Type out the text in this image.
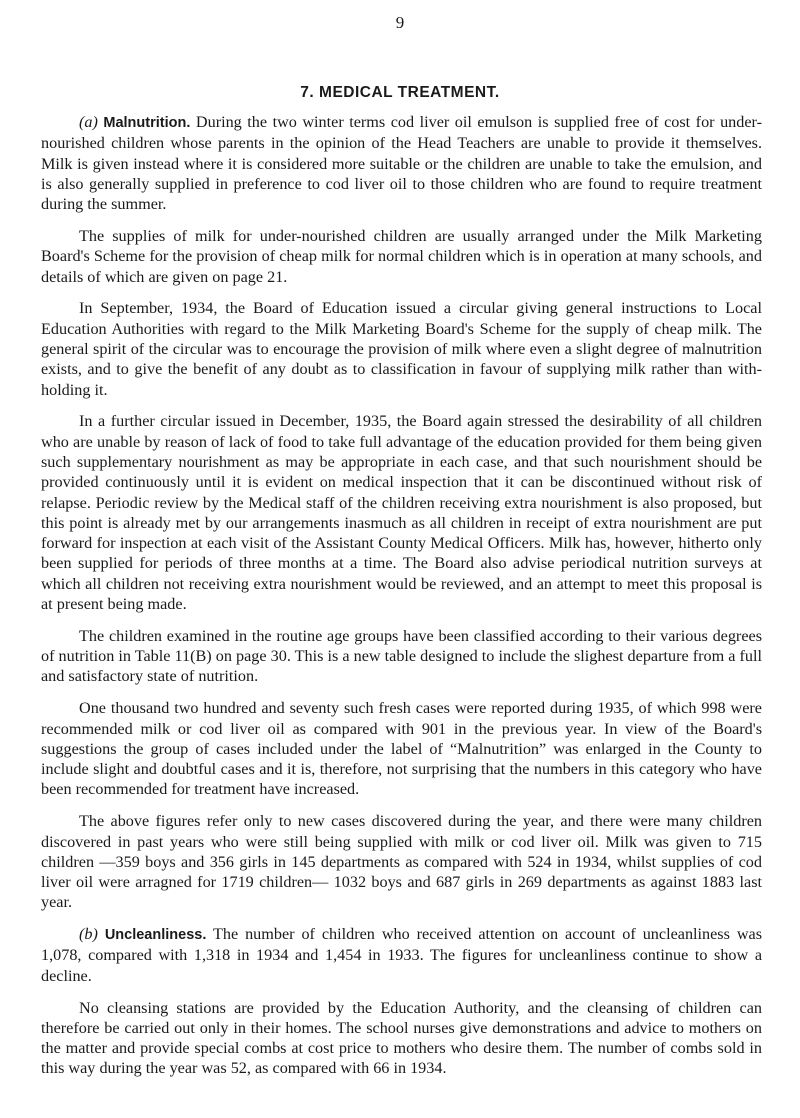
9
7. MEDICAL TREATMENT.

(a) Malnutrition. During the two winter terms cod liver oil emulson is supplied free of cost for under-nourished children whose parents in the opinion of the Head Teachers are unable to provide it themselves. Milk is given instead where it is considered more suitable or the children are unable to take the emulsion, and is also generally supplied in preference to cod liver oil to those children who are found to require treatment during the summer.

The supplies of milk for under-nourished children are usually arranged under the Milk Marketing Board's Scheme for the provision of cheap milk for normal children which is in operation at many schools, and details of which are given on page 21.

In September, 1934, the Board of Education issued a circular giving general instructions to Local Education Authorities with regard to the Milk Marketing Board's Scheme for the supply of cheap milk. The general spirit of the circular was to encourage the provision of milk where even a slight degree of malnutrition exists, and to give the benefit of any doubt as to classification in favour of supplying milk rather than with-holding it.

In a further circular issued in December, 1935, the Board again stressed the desirability of all children who are unable by reason of lack of food to take full advantage of the education provided for them being given such supplementary nourishment as may be appropriate in each case, and that such nourishment should be provided continuously until it is evident on medical inspection that it can be discontinued without risk of relapse. Periodic review by the Medical staff of the children receiving extra nourishment is also proposed, but this point is already met by our arrangements inasmuch as all children in receipt of extra nourishment are put forward for inspection at each visit of the Assistant County Medical Officers. Milk has, however, hitherto only been supplied for periods of three months at a time. The Board also advise periodical nutrition surveys at which all children not receiving extra nourishment would be reviewed, and an attempt to meet this proposal is at present being made.

The children examined in the routine age groups have been classified according to their various degrees of nutrition in Table 11(B) on page 30. This is a new table designed to include the slighest departure from a full and satisfactory state of nutrition.

One thousand two hundred and seventy such fresh cases were reported during 1935, of which 998 were recommended milk or cod liver oil as compared with 901 in the previous year. In view of the Board's suggestions the group of cases included under the label of “Malnutrition” was enlarged in the County to include slight and doubtful cases and it is, therefore, not surprising that the numbers in this category who have been recommended for treatment have increased.

The above figures refer only to new cases discovered during the year, and there were many children discovered in past years who were still being supplied with milk or cod liver oil. Milk was given to 715 children —359 boys and 356 girls in 145 departments as compared with 524 in 1934, whilst supplies of cod liver oil were arragned for 1719 children— 1032 boys and 687 girls in 269 departments as against 1883 last year.

(b) Uncleanliness. The number of children who received attention on account of uncleanliness was 1,078, compared with 1,318 in 1934 and 1,454 in 1933. The figures for uncleanliness continue to show a decline.

No cleansing stations are provided by the Education Authority, and the cleansing of children can therefore be carried out only in their homes. The school nurses give demonstrations and advice to mothers on the matter and provide special combs at cost price to mothers who desire them. The number of combs sold in this way during the year was 52, as compared with 66 in 1934.
